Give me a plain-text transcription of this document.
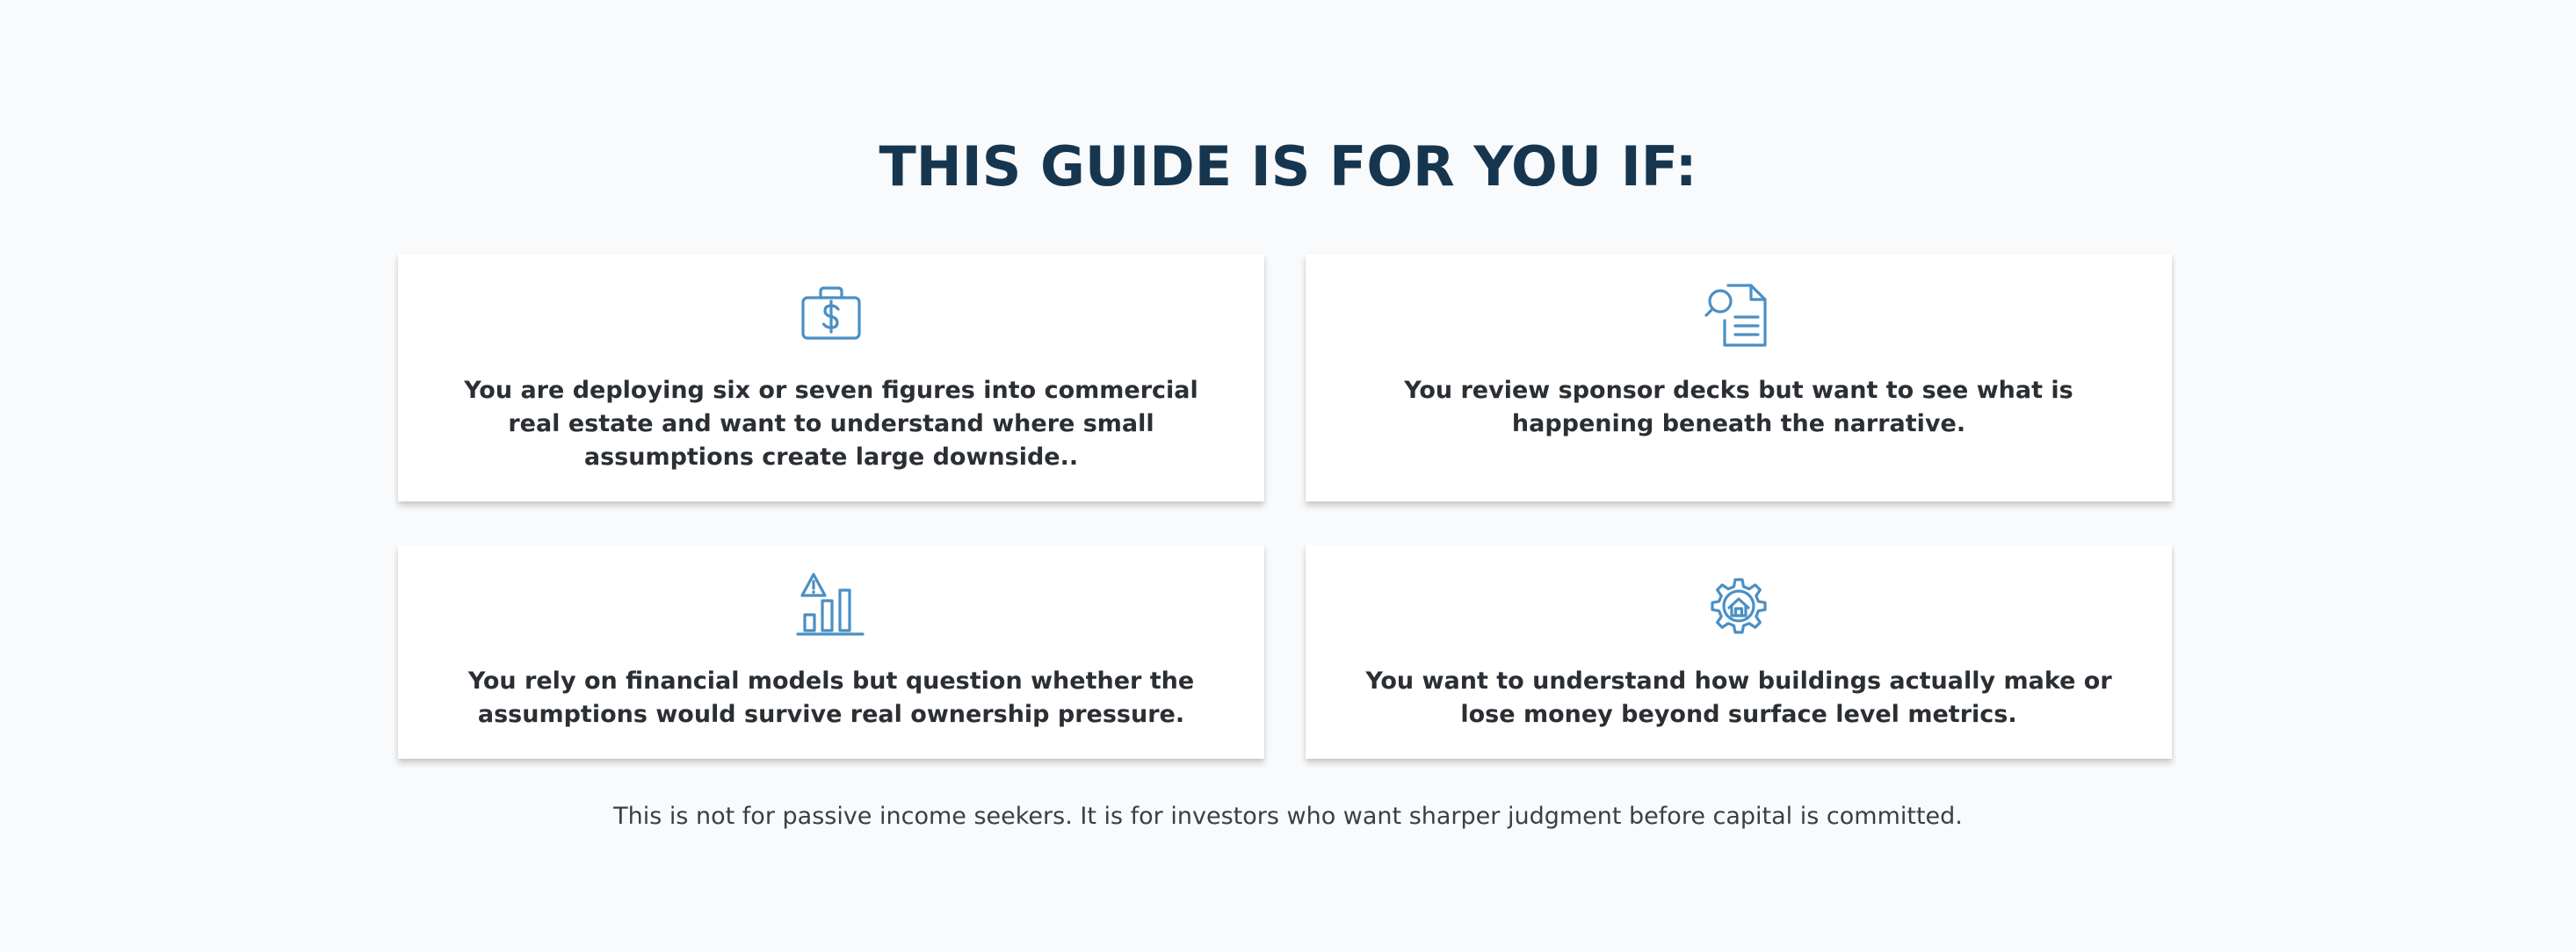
THIS GUIDE IS FOR YOU IF:

You are deploying six or seven figures into commercial real estate and want to understand where small assumptions create large downside..

You review sponsor decks but want to see what is happening beneath the narrative.

You rely on financial models but question whether the assumptions would survive real ownership pressure.

You want to understand how buildings actually make or lose money beyond surface level metrics.

This is not for passive income seekers. It is for investors who want sharper judgment before capital is committed.
